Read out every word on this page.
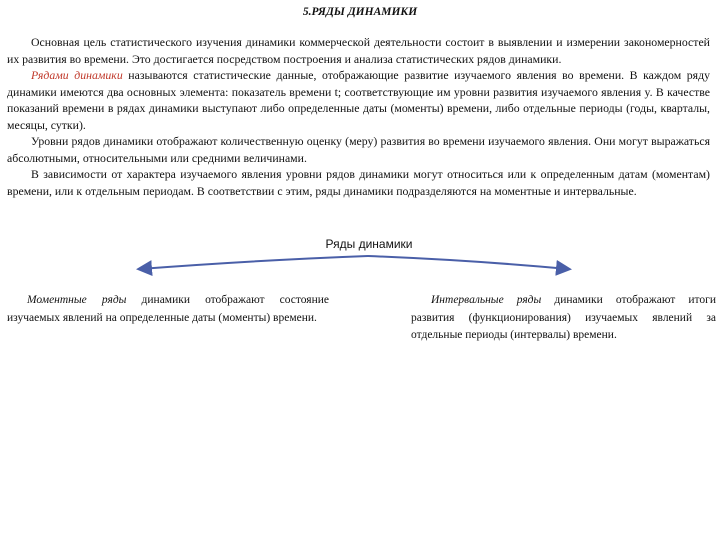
5.РЯДЫ ДИНАМИКИ

Основная цель статистического изучения динамики коммерческой деятельности состоит в выявлении и измерении закономерностей их развития во времени. Это достигается посредством построения и анализа статистических рядов динамики.

Рядами динамики называются статистические данные, отображающие развитие изучаемого явления во времени. В каждом ряду динамики имеются два основных элемента: показатель времени t; соответствующие им уровни развития изучаемого явления y. В качестве показаний времени в рядах динамики выступают либо определенные даты (моменты) времени, либо отдельные периоды (годы, кварталы, месяцы, сутки).

Уровни рядов динамики отображают количественную оценку (меру) развития во времени изучаемого явления. Они могут выражаться абсолютными, относительными или средними величинами.

В зависимости от характера изучаемого явления уровни рядов динамики могут относиться или к определенным датам (моментам) времени, или к отдельным периодам. В соответствии с этим, ряды динамики подразделяются на моментные и интервальные.

Ряды динамики

Моментные ряды динамики отображают состояние изучаемых явлений на определенные даты (моменты) времени.

Интервальные ряды динамики отображают итоги развития (функционирования) изучаемых явлений за отдельные периоды (интервалы) времени.
